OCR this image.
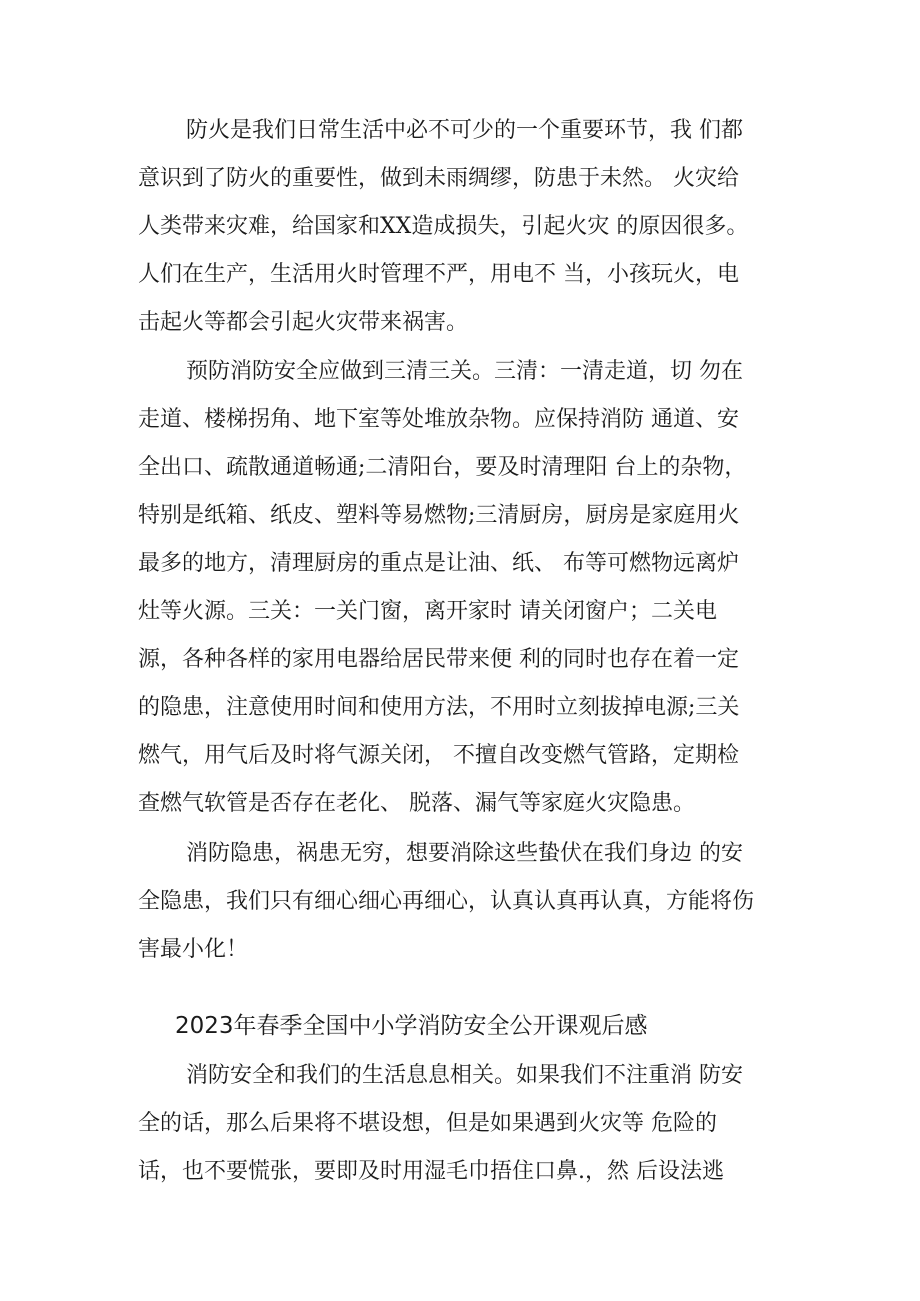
防火是我们日常生活中必不可少的一个重要环节，我 们都
意识到了防火的重要性，做到未雨绸缪，防患于未然。 火灾给
人类带来灾难，给国家和XX造成损失，引起火灾 的原因很多。
人们在生产，生活用火时管理不严，用电不 当，小孩玩火，电
击起火等都会引起火灾带来祸害。
预防消防安全应做到三清三关。三清：一清走道，切 勿在
走道、楼梯拐角、地下室等处堆放杂物。应保持消防 通道、安
全出口、疏散通道畅通;二清阳台，要及时清理阳 台上的杂物，
特别是纸箱、纸皮、塑料等易燃物;三清厨房，厨房是家庭用火
最多的地方，清理厨房的重点是让油、纸、 布等可燃物远离炉
灶等火源。三关：一关门窗，离开家时 请关闭窗户；二关电
源，各种各样的家用电器给居民带来便 利的同时也存在着一定
的隐患，注意使用时间和使用方法，不用时立刻拔掉电源;三关
燃气，用气后及时将气源关闭， 不擅自改变燃气管路，定期检
查燃气软管是否存在老化、 脱落、漏气等家庭火灾隐患。
消防隐患，祸患无穷，想要消除这些蛰伏在我们身边 的安
全隐患，我们只有细心细心再细心，认真认真再认真，方能将伤
害最小化！
2023年春季全国中小学消防安全公开课观后感
消防安全和我们的生活息息相关。如果我们不注重消 防安
全的话，那么后果将不堪设想，但是如果遇到火灾等 危险的
话，也不要慌张，要即及时用湿毛巾捂住口鼻.，然 后设法逃
